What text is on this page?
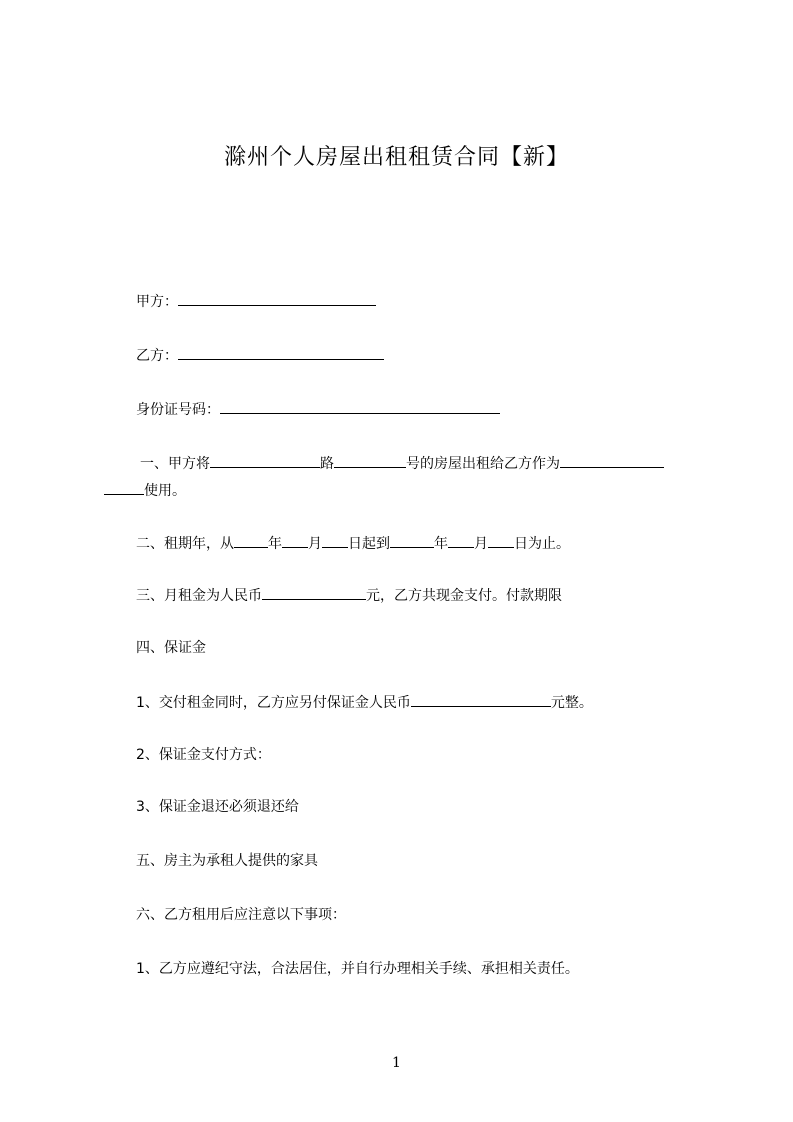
滁州个人房屋出租租赁合同【新】
甲方：
乙方：
身份证号码：
一、甲方将	路	号的房屋出租给乙方作为
使用。
二、租期年，从 年 月 日起到	年 月 日为止。
三、月租金为人民币	元，乙方共现金支付。付款期限
四、保证金
1、交付租金同时，乙方应另付保证金人民币	元整。
2、保证金支付方式：
3、保证金退还必须退还给
五、房主为承租人提供的家具
六、乙方租用后应注意以下事项：
1、乙方应遵纪守法，合法居住，并自行办理相关手续、承担相关责任。
1
